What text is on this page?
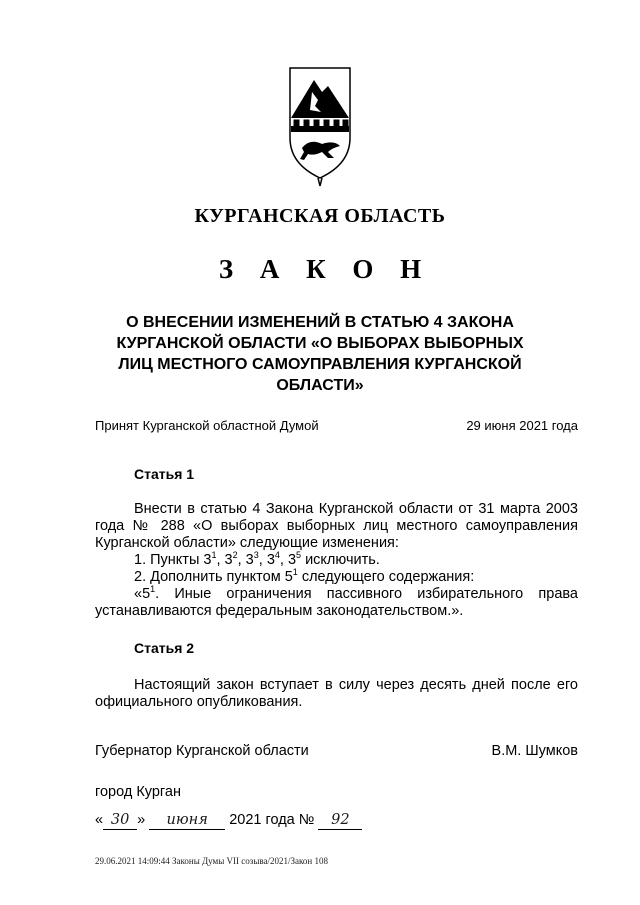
КУРГАНСКАЯ ОБЛАСТЬ
З А К О Н
О ВНЕСЕНИИ ИЗМЕНЕНИЙ В СТАТЬЮ 4 ЗАКОНА КУРГАНСКОЙ ОБЛАСТИ «О ВЫБОРАХ ВЫБОРНЫХ ЛИЦ МЕСТНОГО САМОУПРАВЛЕНИЯ КУРГАНСКОЙ ОБЛАСТИ»
Принят Курганской областной Думой	29 июня 2021 года
Статья 1

Внести в статью 4 Закона Курганской области от 31 марта 2003 года № 288 «О выборах выборных лиц местного самоуправления Курганской области» следующие изменения:

1. Пункты $3^1$, $3^2$, $3^3$, $3^4$, $3^5$ исключить.

2. Дополнить пунктом $5^1$ следующего содержания:

«$5^1$. Иные ограничения пассивного избирательного права устанавливаются федеральным законодательством.».

Статья 2

Настоящий закон вступает в силу через десять дней после его официального опубликования.

Губернатор Курганской области	В.М. Шумков
город Курган
« 30 » июня 2021 года № 92
29.06.2021 14:09:44 Законы Думы VII созыва/2021/Закон 108
